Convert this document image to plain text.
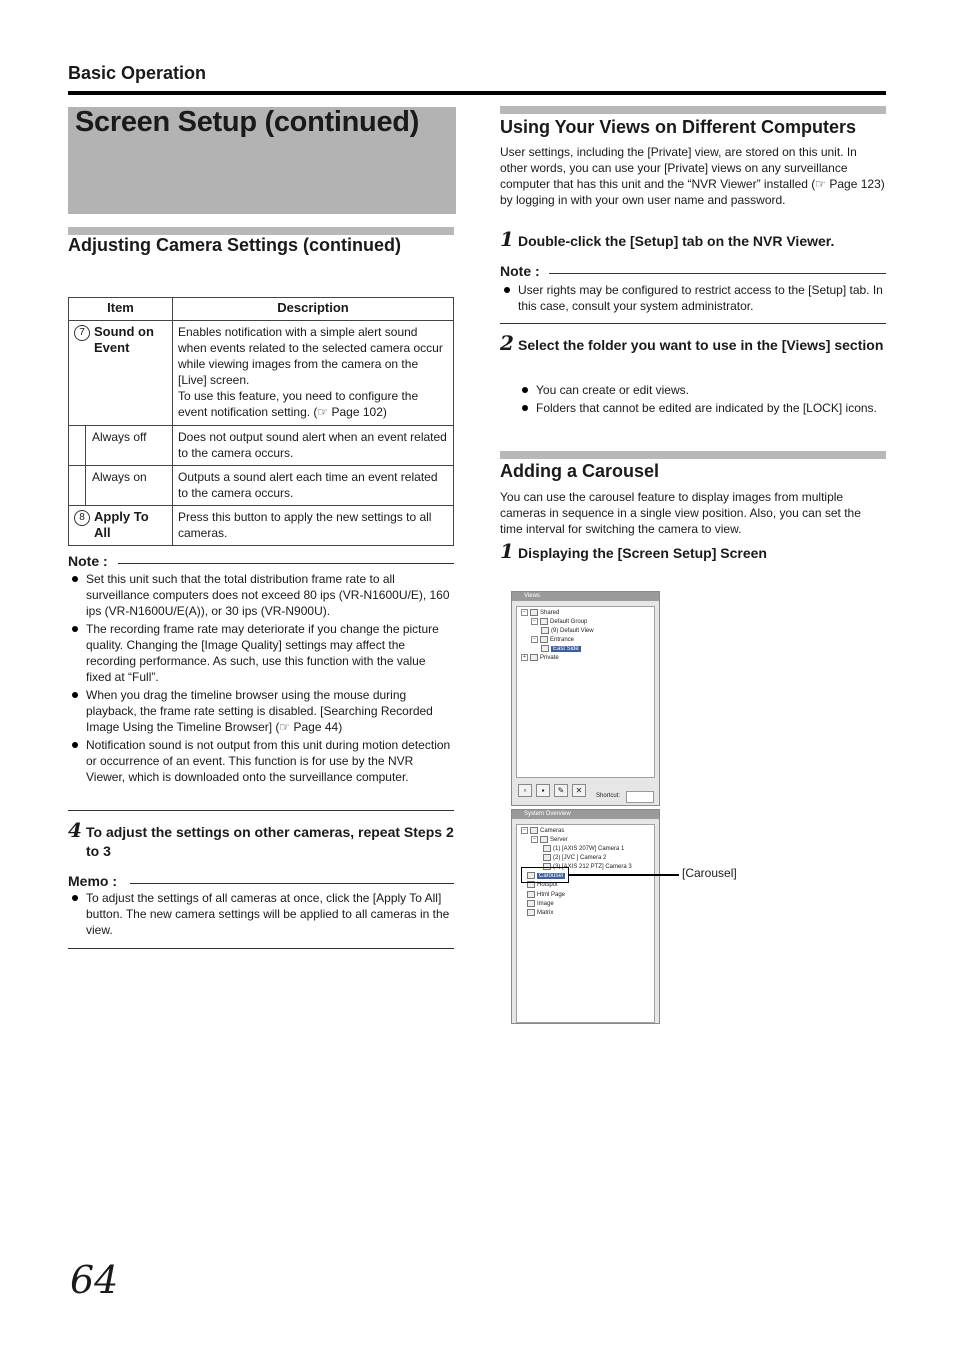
Basic Operation
Screen Setup (continued)
Adjusting Camera Settings (continued)
Item	Description
7 Sound on Event	Enables notification with a simple alert sound when events related to the selected camera occur while viewing images from the camera on the [Live] screen.
To use this feature, you need to configure the event notification setting. (☞ Page 102)

Always off	Does not output sound alert when an event related to the camera occurs.

Always on	Outputs a sound alert each time an event related to the camera occurs.
8 Apply To All	Press this button to apply the new settings to all cameras.
Note :
Set this unit such that the total distribution frame rate to all surveillance computers does not exceed 80 ips (VR-N1600U/E), 160 ips (VR-N1600U/E(A)), or 30 ips (VR-N900U).
The recording frame rate may deteriorate if you change the picture quality. Changing the [Image Quality] settings may affect the recording performance. As such, use this function with the value fixed at “Full”.
When you drag the timeline browser using the mouse during playback, the frame rate setting is disabled. [Searching Recorded Image Using the Timeline Browser] (☞ Page 44)
Notification sound is not output from this unit during motion detection or occurrence of an event. This function is for use by the NVR Viewer, which is downloaded onto the surveillance computer.
4 To adjust the settings on other cameras, repeat Steps 2 to 3
Memo :
To adjust the settings of all cameras at once, click the [Apply To All] button. The new camera settings will be applied to all cameras in the view.
Using Your Views on Different Computers
User settings, including the [Private] view, are stored on this unit. In other words, you can use your [Private] views on any surveillance computer that has this unit and the “NVR Viewer” installed (☞ Page 123) by logging in with your own user name and password.
1 Double-click the [Setup] tab on the NVR Viewer.
Note :
User rights may be configured to restrict access to the [Setup] tab. In this case, consult your system administrator.
2 Select the folder you want to use in the [Views] section
You can create or edit views.
Folders that cannot be edited are indicated by the [LOCK] icons.
Adding a Carousel
You can use the carousel feature to display images from multiple cameras in sequence in a single view position. Also, you can set the time interval for switching the camera to view.
1 Displaying the [Screen Setup] Screen
Views
− Shared
− Default Group
(9) Default View
− Entrance
East Side
+ Private
▫ ▪ ✎ ✕
Shortcut:
System Overview
− Cameras
− Server
(1) [AXIS 207W] Camera 1
(2) [JVC ] Camera 2
(3) [AXIS 212 PTZ] Camera 3
Carousel
Hotspot
Html Page
Image
Matrix
[Carousel]
64
